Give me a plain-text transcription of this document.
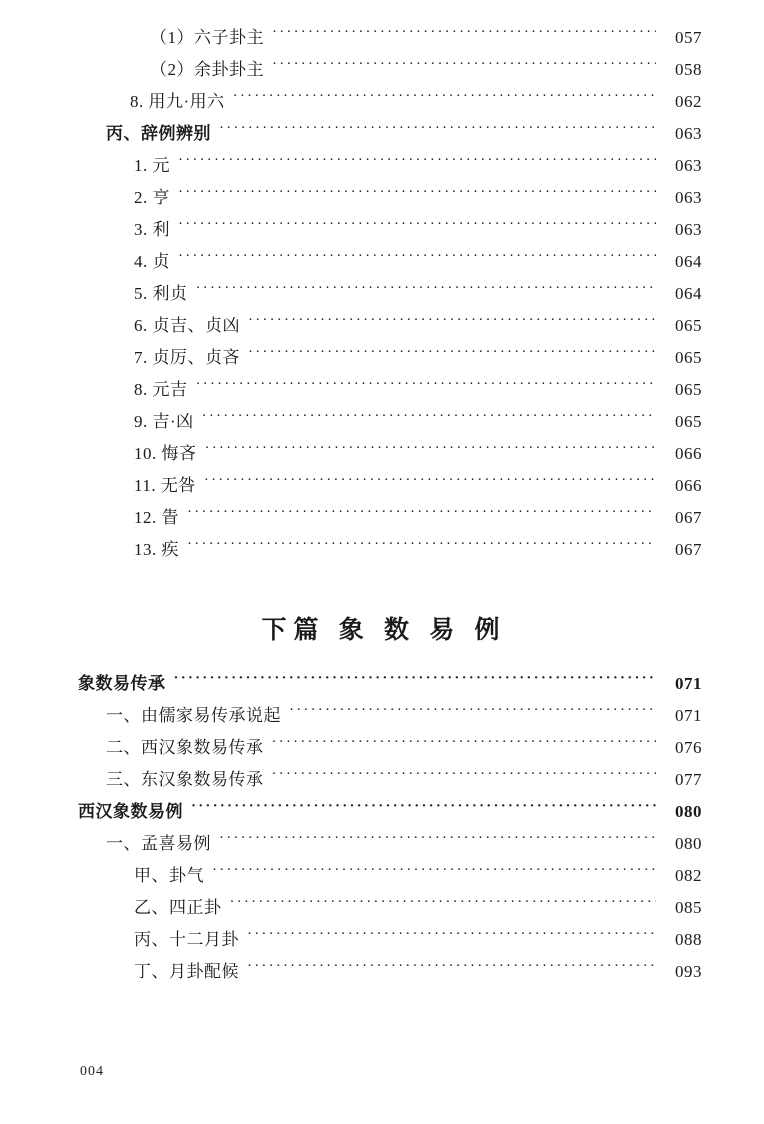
（1）六子卦主 ·····	057
（2）余卦卦主 ·····	058
8. 用九·用六 ·····	062
丙、辞例辨别 ·····	063
1. 元 ·····	063
2. 亨 ·····	063
3. 利 ·····	063
4. 贞 ·····	064
5. 利贞 ·····	064
6. 贞吉、贞凶 ·····	065
7. 贞厉、贞吝 ·····	065
8. 元吉 ·····	065
9. 吉·凶 ·····	065
10. 悔吝 ·····	066
11. 无咎 ·····	066
12. 眚 ·····	067
13. 疾 ·····	067
下篇 象 数 易 例
象数易传承 ·····	071
一、由儒家易传承说起 ·····	071
二、西汉象数易传承 ·····	076
三、东汉象数易传承 ·····	077
西汉象数易例 ·····	080
一、孟喜易例 ·····	080
甲、卦气 ·····	082
乙、四正卦 ·····	085
丙、十二月卦 ·····	088
丁、月卦配候 ·····	093
004
